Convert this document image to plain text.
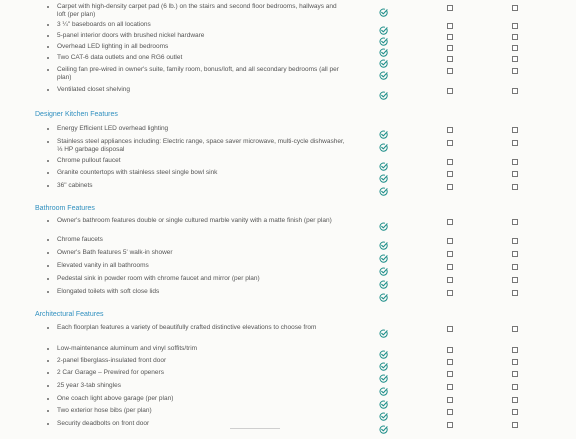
Carpet with high-density carpet pad (6 lb.) on the stairs and second floor bedrooms, hallways and loft (per plan)
3 ¼" baseboards on all locations
5-panel interior doors with brushed nickel hardware
Overhead LED lighting in all bedrooms
Two CAT-6 data outlets and one RG6 outlet
Ceiling fan pre-wired in owner's suite, family room, bonus/loft, and all secondary bedrooms (all per plan)
Ventilated closet shelving
Designer Kitchen Features
Energy Efficient LED overhead lighting
Stainless steel appliances including: Electric range, space saver microwave, multi-cycle dishwasher, ⅓ HP garbage disposal
Chrome pullout faucet
Granite countertops with stainless steel single bowl sink
36" cabinets
Bathroom Features
Owner's bathroom features double or single cultured marble vanity with a matte finish (per plan)
Chrome faucets
Owner's Bath features 5' walk-in shower
Elevated vanity in all bathrooms
Pedestal sink in powder room with chrome faucet and mirror (per plan)
Elongated toilets with soft close lids
Architectural Features
Each floorplan features a variety of beautifully crafted distinctive elevations to choose from
Low-maintenance aluminum and vinyl soffits/trim
2-panel fiberglass-insulated front door
2 Car Garage – Prewired for openers
25 year 3-tab shingles
One coach light above garage (per plan)
Two exterior hose bibs (per plan)
Security deadbolts on front door
